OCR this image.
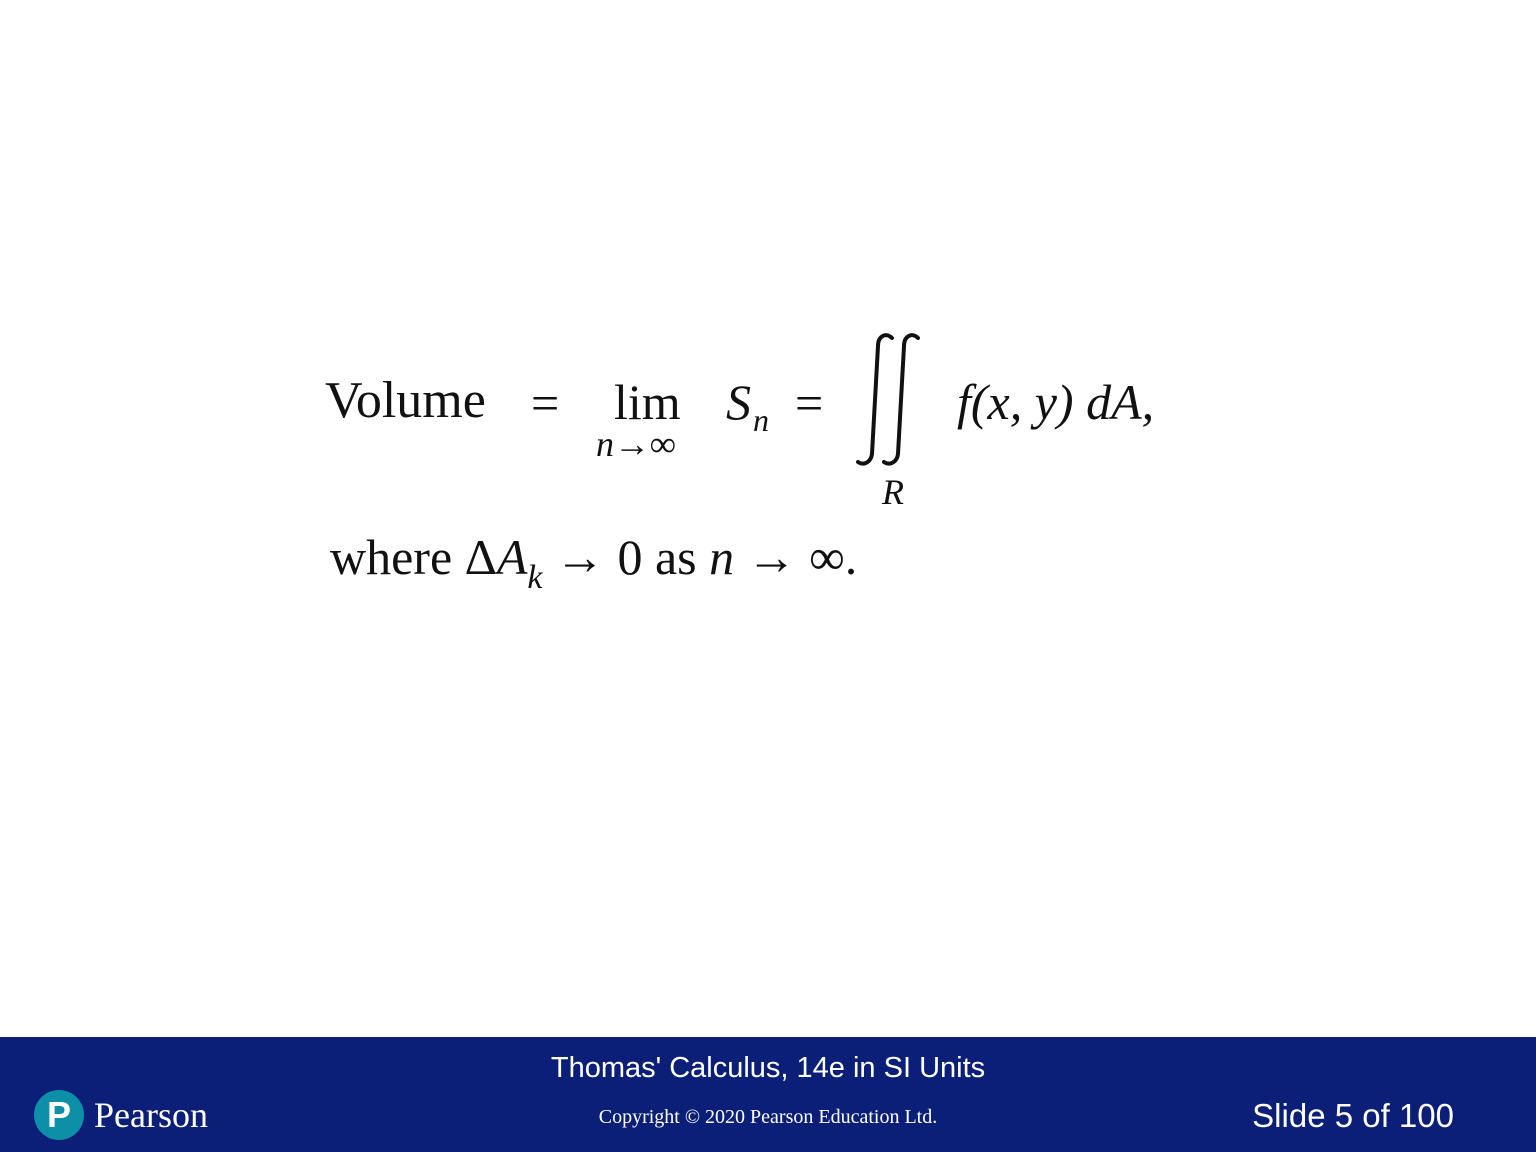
Volume = lim
n→∞
S n =
R
f(x, y) dA,
where $\Delta A_k \to 0$ as n → ∞.
P Pearson
Thomas' Calculus, 14e in SI Units
Copyright © 2020 Pearson Education Ltd.	Slide 5 of 100
